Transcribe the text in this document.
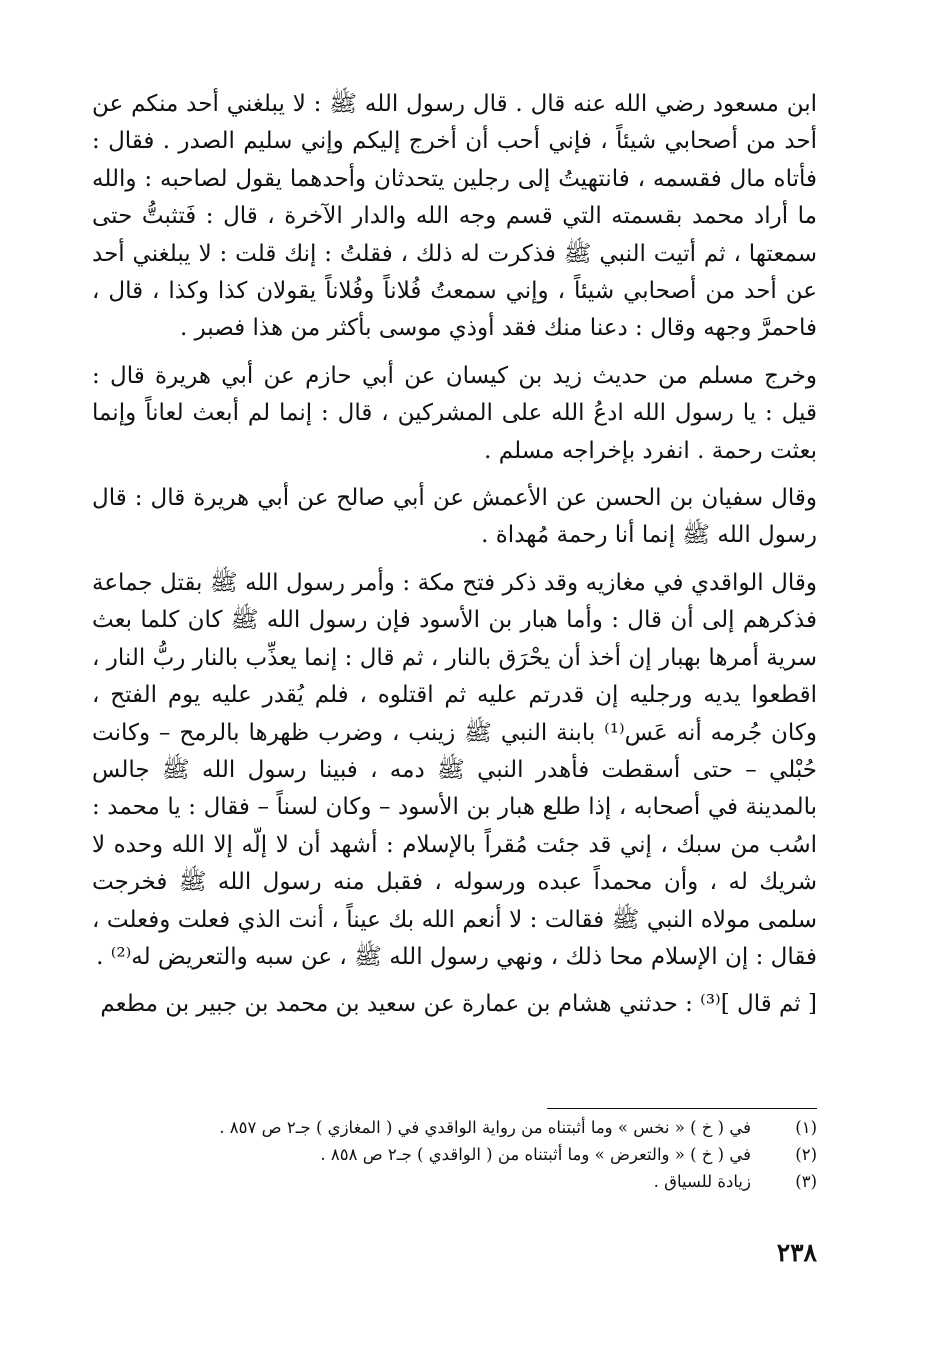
ابن مسعود رضي الله عنه قال . قال رسول الله ﷺ : لا يبلغني أحد منكم عن أحد من أصحابي شيئاً ، فإني أحب أن أخرج إليكم وإني سليم الصدر . فقال : فأتاه مال فقسمه ، فانتهيتُ إلى رجلين يتحدثان وأحدهما يقول لصاحبه : والله ما أراد محمد بقسمته التي قسم وجه الله والدار الآخرة ، قال : فَتثبتُّ حتى سمعتها ، ثم أتيت النبي ﷺ فذكرت له ذلك ، فقلتُ : إنك قلت : لا يبلغني أحد عن أحد من أصحابي شيئاً ، وإني سمعتُ فُلاناً وفُلاناً يقولان كذا وكذا ، قال ، فاحمرَّ وجهه وقال : دعنا منك فقد أوذي موسى بأكثر من هذا فصبر .

وخرج مسلم من حديث زيد بن كيسان عن أبي حازم عن أبي هريرة قال : قيل : يا رسول الله ادعُ الله على المشركين ، قال : إنما لم أبعث لعاناً وإنما بعثت رحمة . انفرد بإخراجه مسلم .

وقال سفيان بن الحسن عن الأعمش عن أبي صالح عن أبي هريرة قال : قال رسول الله ﷺ إنما أنا رحمة مُهداة .

وقال الواقدي في مغازيه وقد ذكر فتح مكة : وأمر رسول الله ﷺ بقتل جماعة فذكرهم إلى أن قال : وأما هبار بن الأسود فإن رسول الله ﷺ كان كلما بعث سرية أمرها بهبار إن أخذ أن يحْرَق بالنار ، ثم قال : إنما يعذِّب بالنار ربُّ النار ، اقطعوا يديه ورجليه إن قدرتم عليه ثم اقتلوه ، فلم يُقدر عليه يوم الفتح ، وكان جُرمه أنه عَس⁽¹⁾ بابنة النبي ﷺ زينب ، وضرب ظهرها بالرمح – وكانت حُبْلي – حتى أسقطت فأهدر النبي ﷺ دمه ، فبينا رسول الله ﷺ جالس بالمدينة في أصحابه ، إذا طلع هبار بن الأسود – وكان لسناً – فقال : يا محمد : اسُب من سبك ، إني قد جئت مُقراً بالإسلام : أشهد أن لا إلّه إلا الله وحده لا شريك له ، وأن محمداً عبده ورسوله ، فقبل منه رسول الله ﷺ فخرجت سلمى مولاه النبي ﷺ فقالت : لا أنعم الله بك عيناً ، أنت الذي فعلت وفعلت ، فقال : إن الإسلام محا ذلك ، ونهي رسول الله ﷺ ، عن سبه والتعريض له⁽²⁾ .

[ ثم قال ]⁽³⁾ : حدثني هشام بن عمارة عن سعيد بن محمد بن جبير بن مطعم

(١)
في ( خ ) « نخس » وما أثبتناه من رواية الواقدي في ( المغازي ) جـ٢ ص ٨٥٧ .
(٢)
في ( خ ) « والتعرض » وما أثبتناه من ( الواقدي ) جـ٢ ص ٨٥٨ .
(٣)
زيادة للسياق .
٢٣٨
